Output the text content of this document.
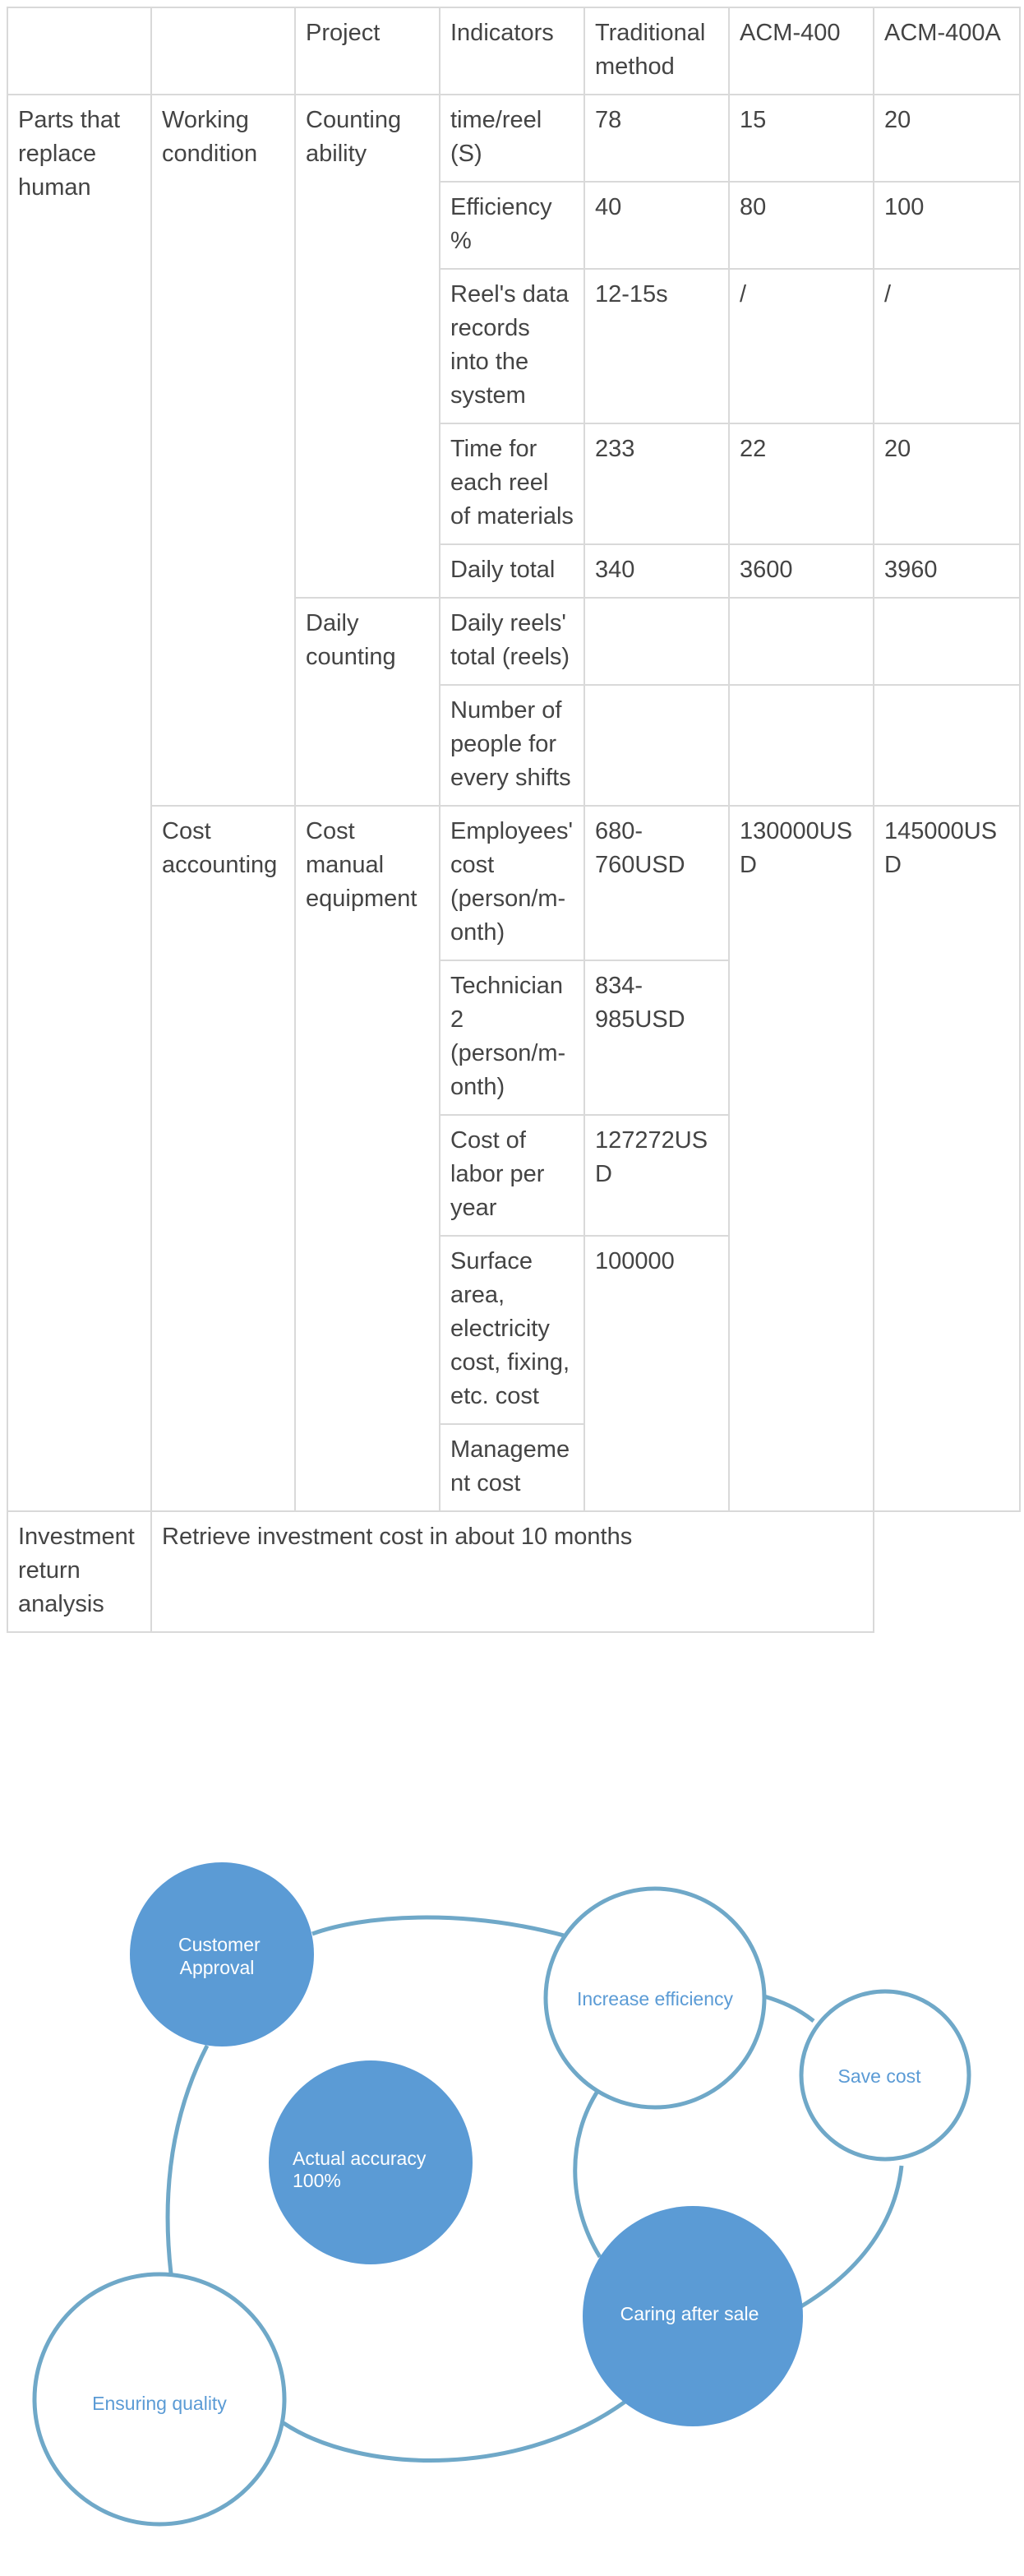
		Project	Indicators	Traditional method	ACM-400	ACM-400A
Parts that replace human	Working condition	Counting ability	time/reel (S)	78	15	20
			Efficiency %	40	80	100
			Reel's data records into the system	12-15s	/	/
			Time for each reel of materials	233	22	20
			Daily total	340	3600	3960
		Daily counting	Daily reels' total (reels)			
			Number of people for every shifts			
	Cost accounting	Cost manual equipment	Employees' cost (person/m-onth)	680-760USD	130000USD	145000USD
			Technician 2 (person/m-onth)	834-985USD		
			Cost of labor per year	127272USD		
			Surface area, electricity cost, fixing, etc. cost	100000		
			Management cost			
Investment return analysis	Retrieve investment cost in about 10 months					
Customer Approval
Increase efficiency
Save cost
Actual accuracy 100%
Caring after sale
Ensuring quality
